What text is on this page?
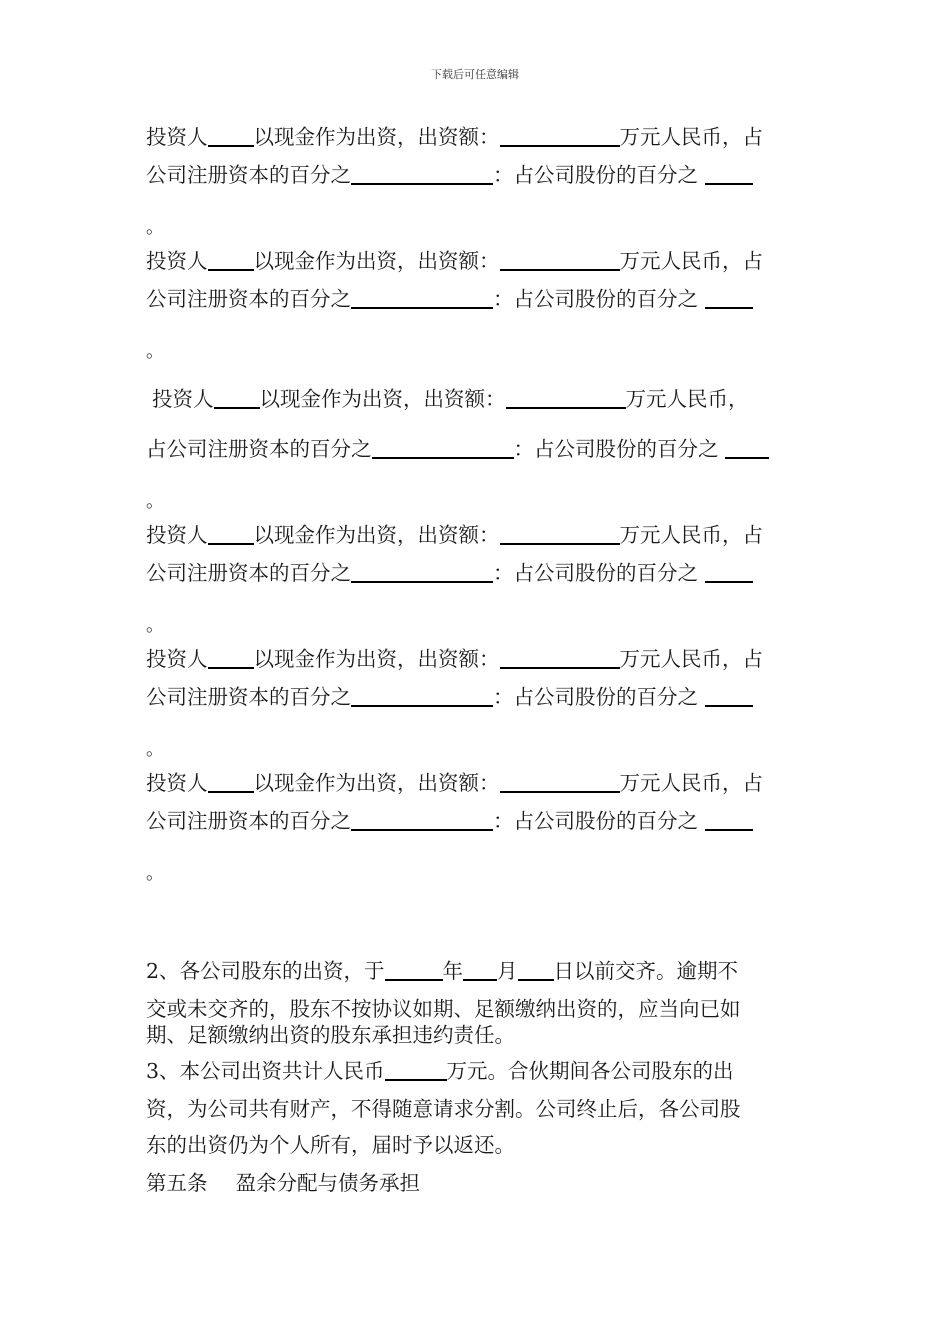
下载后可任意编辑
投资人 以现金作为出资，出资额：	万元人民币，占
公司注册资本的百分之	：占公司股份的百分之
。
投资人 以现金作为出资，出资额：	万元人民币，占
公司注册资本的百分之	：占公司股份的百分之
。
投资人 以现金作为出资，出资额：	万元人民币，
占公司注册资本的百分之	：占公司股份的百分之
。
投资人 以现金作为出资，出资额：	万元人民币，占
公司注册资本的百分之	：占公司股份的百分之
。
投资人 以现金作为出资，出资额：	万元人民币，占
公司注册资本的百分之	：占公司股份的百分之
。
投资人 以现金作为出资，出资额：	万元人民币，占
公司注册资本的百分之	：占公司股份的百分之
。
2、各公司股东的出资，于	年 月 日以前交齐。逾期不
交或未交齐的，股东不按协议如期、足额缴纳出资的，应当向已如
期、足额缴纳出资的股东承担违约责任。
3、本公司出资共计人民币	万元。合伙期间各公司股东的出
资，为公司共有财产，不得随意请求分割。公司终止后，各公司股
东的出资仍为个人所有，届时予以返还。
第五条 盈余分配与债务承担
